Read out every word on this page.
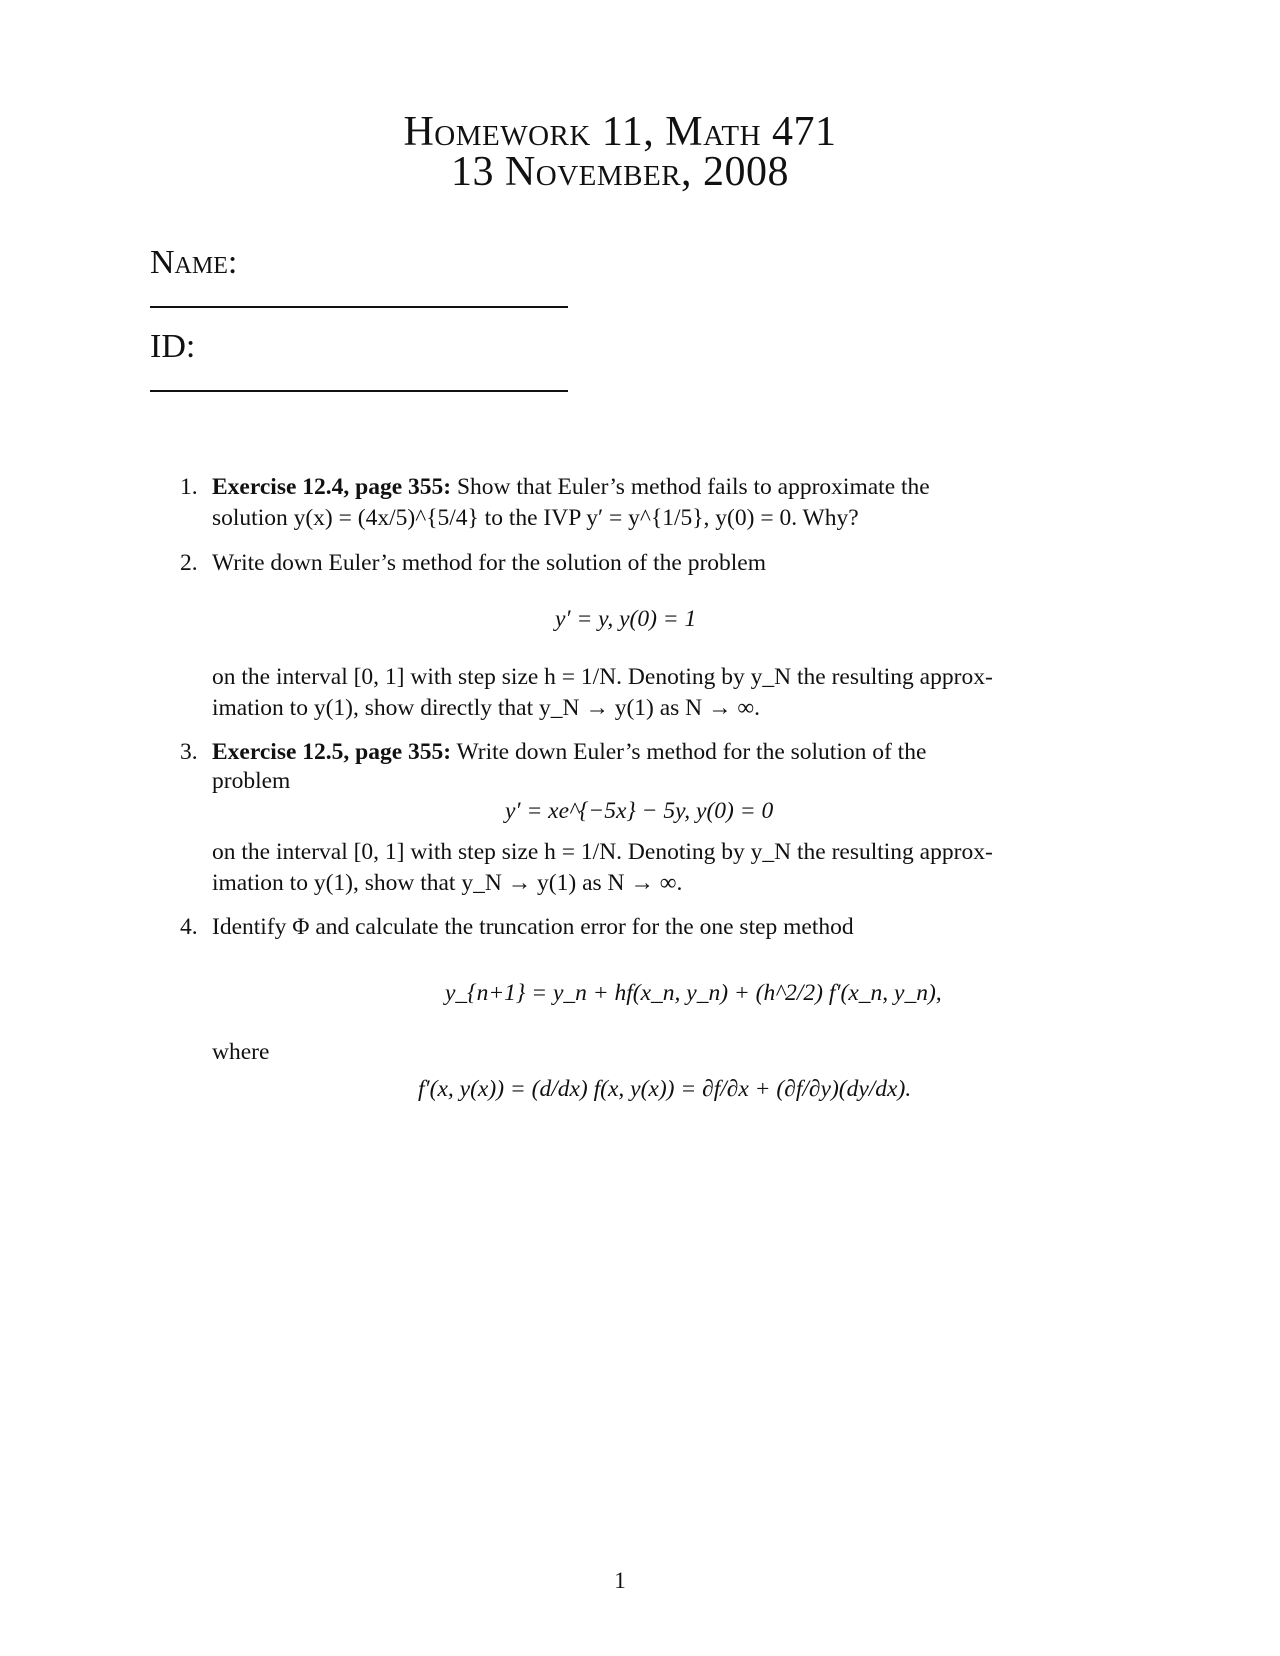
Homework 11, Math 471
13 November, 2008
Name:
ID:
1. Exercise 12.4, page 355: Show that Euler’s method fails to approximate the
solution y(x) = (4x/5)^{5/4} to the IVP y′ = y^{1/5}, y(0) = 0. Why?
2. Write down Euler’s method for the solution of the problem
y′ = y, y(0) = 1
on the interval [0, 1] with step size h = 1/N. Denoting by y_N the resulting approx-
imation to y(1), show directly that y_N → y(1) as N → ∞.
3. Exercise 12.5, page 355: Write down Euler’s method for the solution of the
problem
y′ = xe^{−5x} − 5y, y(0) = 0
on the interval [0, 1] with step size h = 1/N. Denoting by y_N the resulting approx-
imation to y(1), show that y_N → y(1) as N → ∞.
4. Identify Φ and calculate the truncation error for the one step method
y_{n+1} = y_n + hf(x_n, y_n) + (h^2/2) f′(x_n, y_n),
where
f′(x, y(x)) = (d/dx) f(x, y(x)) = ∂f/∂x + (∂f/∂y)(dy/dx).
1
